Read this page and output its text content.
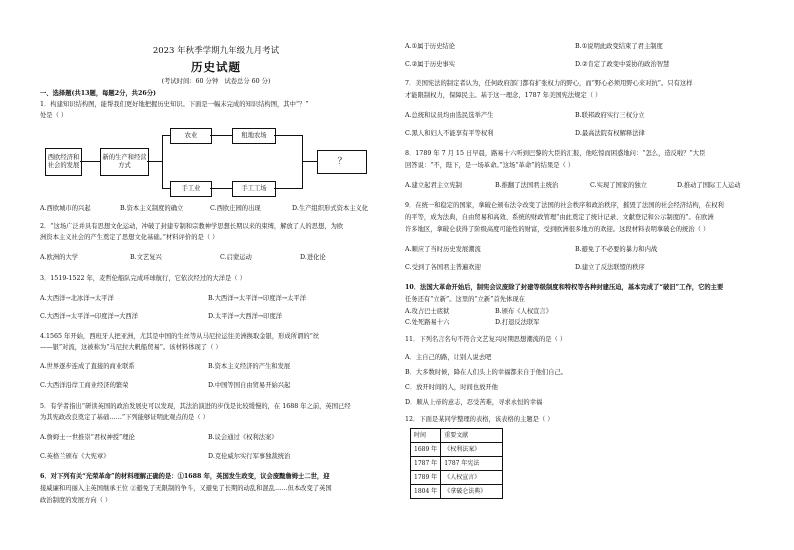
2023 年秋季学期九年级九月考试
历史试题
(考试时间：60 分钟　试卷总分 60 分)
一、选择题(共13题，每题2分，共26分)
1．构建知识结构图，能帮我们更好地把握历史知识。下面是一幅未完成的知识结构图，其中“？”
处是（ ）
西欧经济和社会的发展
新的生产和经营方式
农业
手工业
租地农场
手工工场
？
A.西欧城市的兴起	B.资本主义制度的确立	C.西欧庄园的出现	D.生产组织形式资本主义化
2．“这场广泛并具有思想文化运动，冲破了封建专制和宗教神学思想长期以来的束缚，解放了人的思想，为欧
洲资本主义社会的产生奠定了思想文化基础。”材料评价的是（ ）
A.欧洲的大学	B.文艺复兴	C.启蒙运动	D.进化论
3．1519-1522 年，麦哲伦船队完成环球航行，它依次经过的大洋是（ ）
A.大西洋→北冰洋→太平洋	B.大西洋→太平洋→印度洋→太平洋
C.大西洋→太平洋→印度洋→大西洋	D.太平洋→大西洋→印度洋
4.1565 年开始，西班牙人把亚洲，尤其是中国的生丝等从马尼拉运往美洲换取金银，形成所谓的“丝
——银”对流，这被称为“马尼拉大帆船贸易”。该材料体现了（ ）
A.世界逐步连成了直接的商业联系	B.资本主义经济的产生和发展
C.大西洋沿岸工商业经济的繁荣	D.中国等国自由贸易开始兴起
5．有学者指出“研读英国的政治发展史可以发现，其法治演进的步伐是比较缓慢的，在 1688 年之前，英国已经
为其宪政改良奠定了基础……”下列能够证明此观点的是（ ）
A.詹姆士一世推崇“君权神授”理论	B.议会通过《权利法案》
C.英格兰颁布《大宪章》	D.克伦威尔实行军事独裁统治
6．对下列有关“光荣革命”的材料理解正确的是：①1688 年，英国发生政变，议会废黜詹姆士二世，迎
接威廉和玛丽入主英国继承王位 ②避免了无限制的争斗，又避免了长期的动乱和混乱……但本改变了英国
政治制度的发展方向（ ）
A.①属于历史结论	B.①说明此政变结束了君主制度
C.②属于历史事实	D.②肯定了政变中妥协的政治智慧
7．美国宪法的制定者认为，任何政府部门都有扩张权力的野心，而“野心必须用野心来对抗”。只有这样
才能限制权力，保障民主。基于这一理念，1787 年美国宪法规定（ ）
A.总统和议员均由选民选举产生	B.联邦政府实行三权分立
C.黑人和妇人不能享有平等权利	D.最高法院有权解释法律
8．1789 年 7 月 15 日早晨，路易十六听到巴黎的大臣的汇报，他吃惊而困惑地问：“怎么，造反啦？”大臣
回答说：“不，陛下，是一场革命。”这场“革命”的结果是（ ）
A.建立起君主立宪制	B.推翻了法国君主统治	C.实现了国家的独立	D.推动了国际工人运动
9．在统一和稳定的国家，拿破仑颁布法令改变了法国的社会秩序和政治秩序，摧毁了法国的社会经济结构，在权利
的平等，成为法典，自由贸易和高效、系统的财政管理“由此奠定了统计记录、文献登记和公示制度的”。在欧洲
许多地区，拿破仑获得了阶级高度可能性的财富，受到欧洲很多地方的欢迎。这段材料表明拿破仑的统治（ ）
A.顺应了当时历史发展潮流	B.避免了不必要的暴力和内战
C.受到了各国君主普遍欢迎	D.建立了反法联盟的秩序
10．法国大革命开始后，制宪会议废除了封建等级制度和特权等各种封建压迫，基本完成了“破旧”工作，它的主要
任务还有“立新”。这里的“立新”首先体现在
A.攻占巴士底狱	B.颁布《人权宣言》
C.处死路易十六	D.打退反法联军
11．下列名言名句不符合文艺复兴时期思想潮流的是（ ）
A．主自己的路，让别人说去吧
B．大多数时候，降在人们头上的幸福都来自于他们自己。
C．放开时间的人，时间也放开他
D．顺从上帝的意志，忍受苦难，寻求永恒的幸福
12．下面是某同学整理的表格，该表格的主题是（ ）
时间	重要文献
1689 年	《权利法案》
1787 年	1787 年宪法
1789 年	《人权宣言》
1804 年	《拿破仑法典》
